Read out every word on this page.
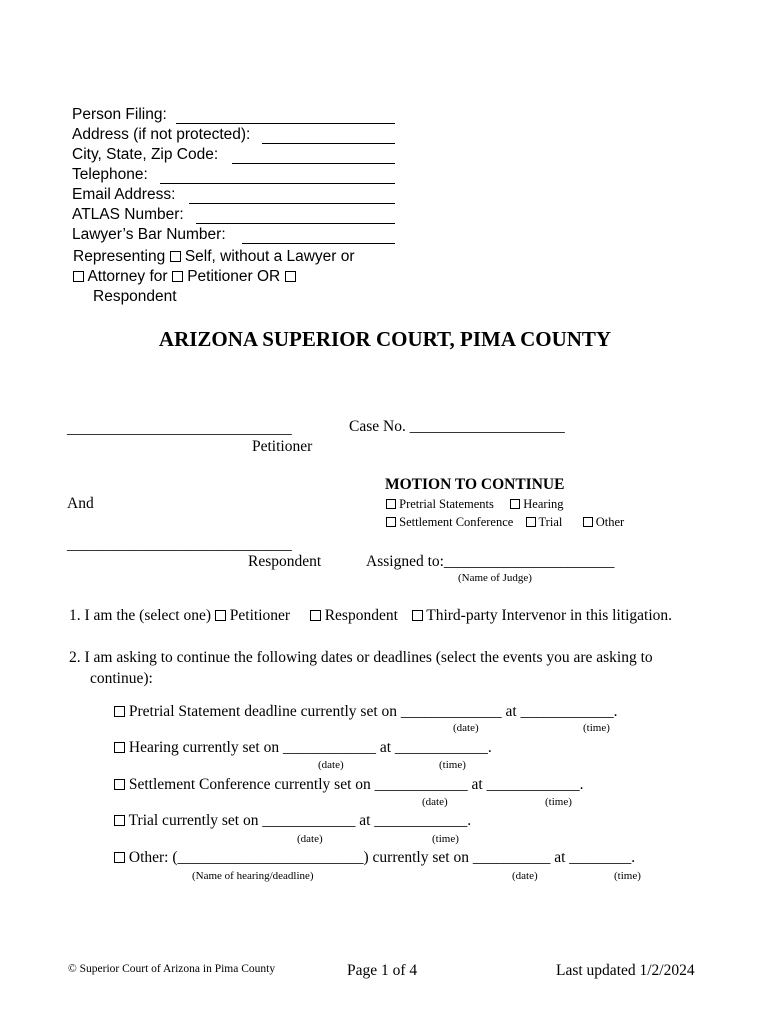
Person Filing:
Address (if not protected):
City, State, Zip Code:
Telephone:
Email Address:
ATLAS Number:
Lawyer’s Bar Number:
Representing Self, without a Lawyer or
Attorney for Petitioner OR
Respondent
ARIZONA SUPERIOR COURT, PIMA COUNTY
_____________________________
Petitioner
Case No. ____________________
MOTION TO CONTINUE
And	Pretrial Statements Hearing
Settlement Conference Trial	Other
_____________________________
Respondent	Assigned to:______________________
(Name of Judge)
1. I am the (select one) Petitioner Respondent Third-party Intervenor in this litigation.
2. I am asking to continue the following dates or deadlines (select the events you are asking to
continue):
Pretrial Statement deadline currently set on _____________ at ____________.
(date)	(time)
Hearing currently set on ____________ at ____________.
(date)	(time)
Settlement Conference currently set on ____________ at ____________.
(date)	(time)
Trial currently set on ____________ at ____________.
(date)	(time)
Other: (________________________) currently set on __________ at ________.
(Name of hearing/deadline)	(date)	(time)
© Superior Court of Arizona in Pima County	Page 1 of 4	Last updated 1/2/2024
